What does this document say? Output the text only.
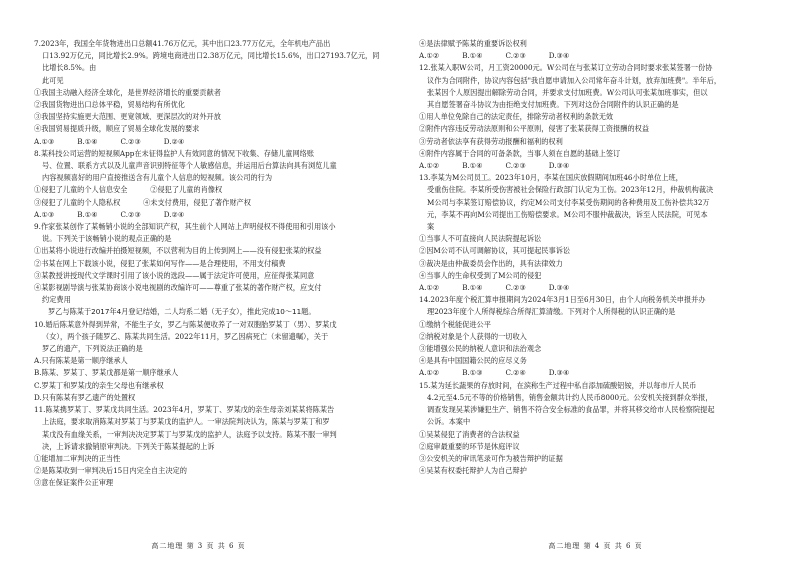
7.2023年，我国全年货物进出口总额41.76万亿元，其中出口23.77万亿元，全年机电产品出

口13.92万亿元，同比增长2.9%。跨境电商进出口2.38万亿元，同比增长15.6%，出口27193.7亿元，同比增长8.5%。由

此可见

①我国主动融入经济全球化，是世界经济增长的重要贡献者

②我国货物进出口总体平稳，贸易结构有所优化

③我国坚持实施更大范围、更宽领域、更深层次的对外开放

④我国贸易提质升级，顺应了贸易全球化发展的要求

A.①③          B.①④          C.②③          D.②④

8.某科技公司运营的短视频App在未征得监护人有效同意的情况下收集、存储儿童网络账

号、位置、联系方式以及儿童声音识别特征等个人敏感信息，并运用后台算法向具有浏览儿童

内容视频喜好的用户直接推送含有儿童个人信息的短视频。该公司的行为

①侵犯了儿童的个人信息安全          ②侵犯了儿童的肖像权

③侵犯了儿童的个人隐私权          ④未支付费用，侵犯了著作财产权

A.①③          B.①④          C.②③          D.②④

9.作家张某创作了某畅销小说的全部知识产权，其生前个人网站上声明侵权不得使用和引用该小

说。下列关于该畅销小说的观点正确的是

①出某将小说进行改编并拍摄短视频，不以营利为目的上传到网上——没有侵犯张某的权益

②书某在网上下载该小说，侵犯了张某如何写作——是合理使用，不用支付稿费

③某教授讲授现代文学课时引用了该小说的选段——属于法定许可使用，应征得张某同意

④某影视剧导演与张某协商该小说电视剧的改编许可——尊重了张某的著作财产权，应支付

约定费用

罗乙与陈某于2017年4月登记结婚，二人均系二婚（无子女），推此完成10～11题。

10.婚后陈某意外得到异常，不能生子女，罗乙与陈某便收养了一对双胞胎罗某丁（男）、罗某戊

（女），两个孩子随罗乙、陈某共同生活。2022年11月，罗乙因病死亡（未留遗嘱），关于

罗乙的遗产，下列说法正确的是

A.只有陈某是第一顺序继承人

B.陈某、罗某丁、罗某戊都是第一顺序继承人

C.罗某丁和罗某戊的亲生父母也有继承权

D.只有陈某有罗乙遗产的处置权

11.陈某携罗某丁、罗某戊共同生活。2023年4月，罗某丁、罗某戊的亲生母亲刘某某将陈某告

上法庭，要求取消陈某对罗某丁与罗某戊的监护人。一审法院判决认为，陈某与罗某丁和罗

某戊没有血缘关系，一审判决决定罗某丁与罗某戊的监护人，法庭予以支持。陈某不服一审判

决，上诉请求撤销原审判决。下列关于陈某提起的上诉

①能增加二审判决的正当性

②是陈某收到一审判决后15日内完全自主决定的

③意在保证案件公正审理

高二地理 第 3 页 共 6 页

④是法律赋予陈某的重要诉讼权利

A.①②          B.①④          C.②③          D.③④

12.张某入职W公司，月工资20000元。W公司在与张某订立劳动合同时要求张某签署一份协

议作为合同附件，协议内容包括"我自愿申请加入公司常年奋斗计划，放弃加班费"。半年后，

张某因个人原因提出解除劳动合同，并要求支付加班费。W公司认可张某加班事实，但以

其自愿签署奋斗协议为由拒绝支付加班费。下列对这份合同附件的认识正确的是

①用人单位免除自己的法定责任，排除劳动者权利的条款无效

②附件内容违反劳动法原则和公平原则，侵害了张某获得工资报酬的权益

③劳动者依法享有获得劳动报酬和福利的权利

④附件内容属于合同的可备条款，当事人须在自愿的基础上签订

A.①②          B.①④          C.②③          D.③④

13.李某为M公司员工。2023年10月，李某在国庆放假期间加班46小时单位上班，

受重伤住院。李某所受伤害被社会保险行政部门认定为工伤。2023年12月，仲裁机构裁决

M公司与李某签订赔偿协议，约定M公司支付李某受伤期间的各种费用及工伤补偿共32万

元，李某不再向M公司提出工伤赔偿要求。M公司不服仲裁裁决，诉至人民法院，可见本

案

①当事人不可直接向人民法院提起诉讼

②因M公司不认可调解协议，其可提起民事诉讼

③裁决是由仲裁委员会作出的，具有法律效力

④当事人的生命权受到了M公司的侵犯

A.①②          B.①④          C.②③          D.③④

14.2023年度个税汇算申报期间为2024年3月1日至6月30日，由个人向税务机关申报并办

理2023年度个人所得税综合所得汇算清缴。下列对个人所得税的认识正确的是

①缴纳个税能促进公平

②纳税对象是个人获得的一切收入

③能增强公民的纳税人意识和法治观念

④是具有中国国籍公民的应尽义务

A.①②          B.①③          C.②④          D.③④

15.某为延长蔬果的存放时间，在滨称生产过程中私自添加硫酸铝铵，并以每市斤人民币

4.2元至4.5元不等的价格销售，销售金额共计约人民币8000元。公安机关接到群众举报，

调查发现吴某涉嫌犯生产、销售不符合安全标准的食品罪，并将其移交给市人民检察院提起

公诉。本案中

①吴某侵犯了消费者的合法权益

②庭审最重要的环节是休庭评议

③公安机关的审讯笔录可作为被告辩护的证据

④吴某有权委托辩护人为自己辩护

高二地理 第 4 页 共 6 页
